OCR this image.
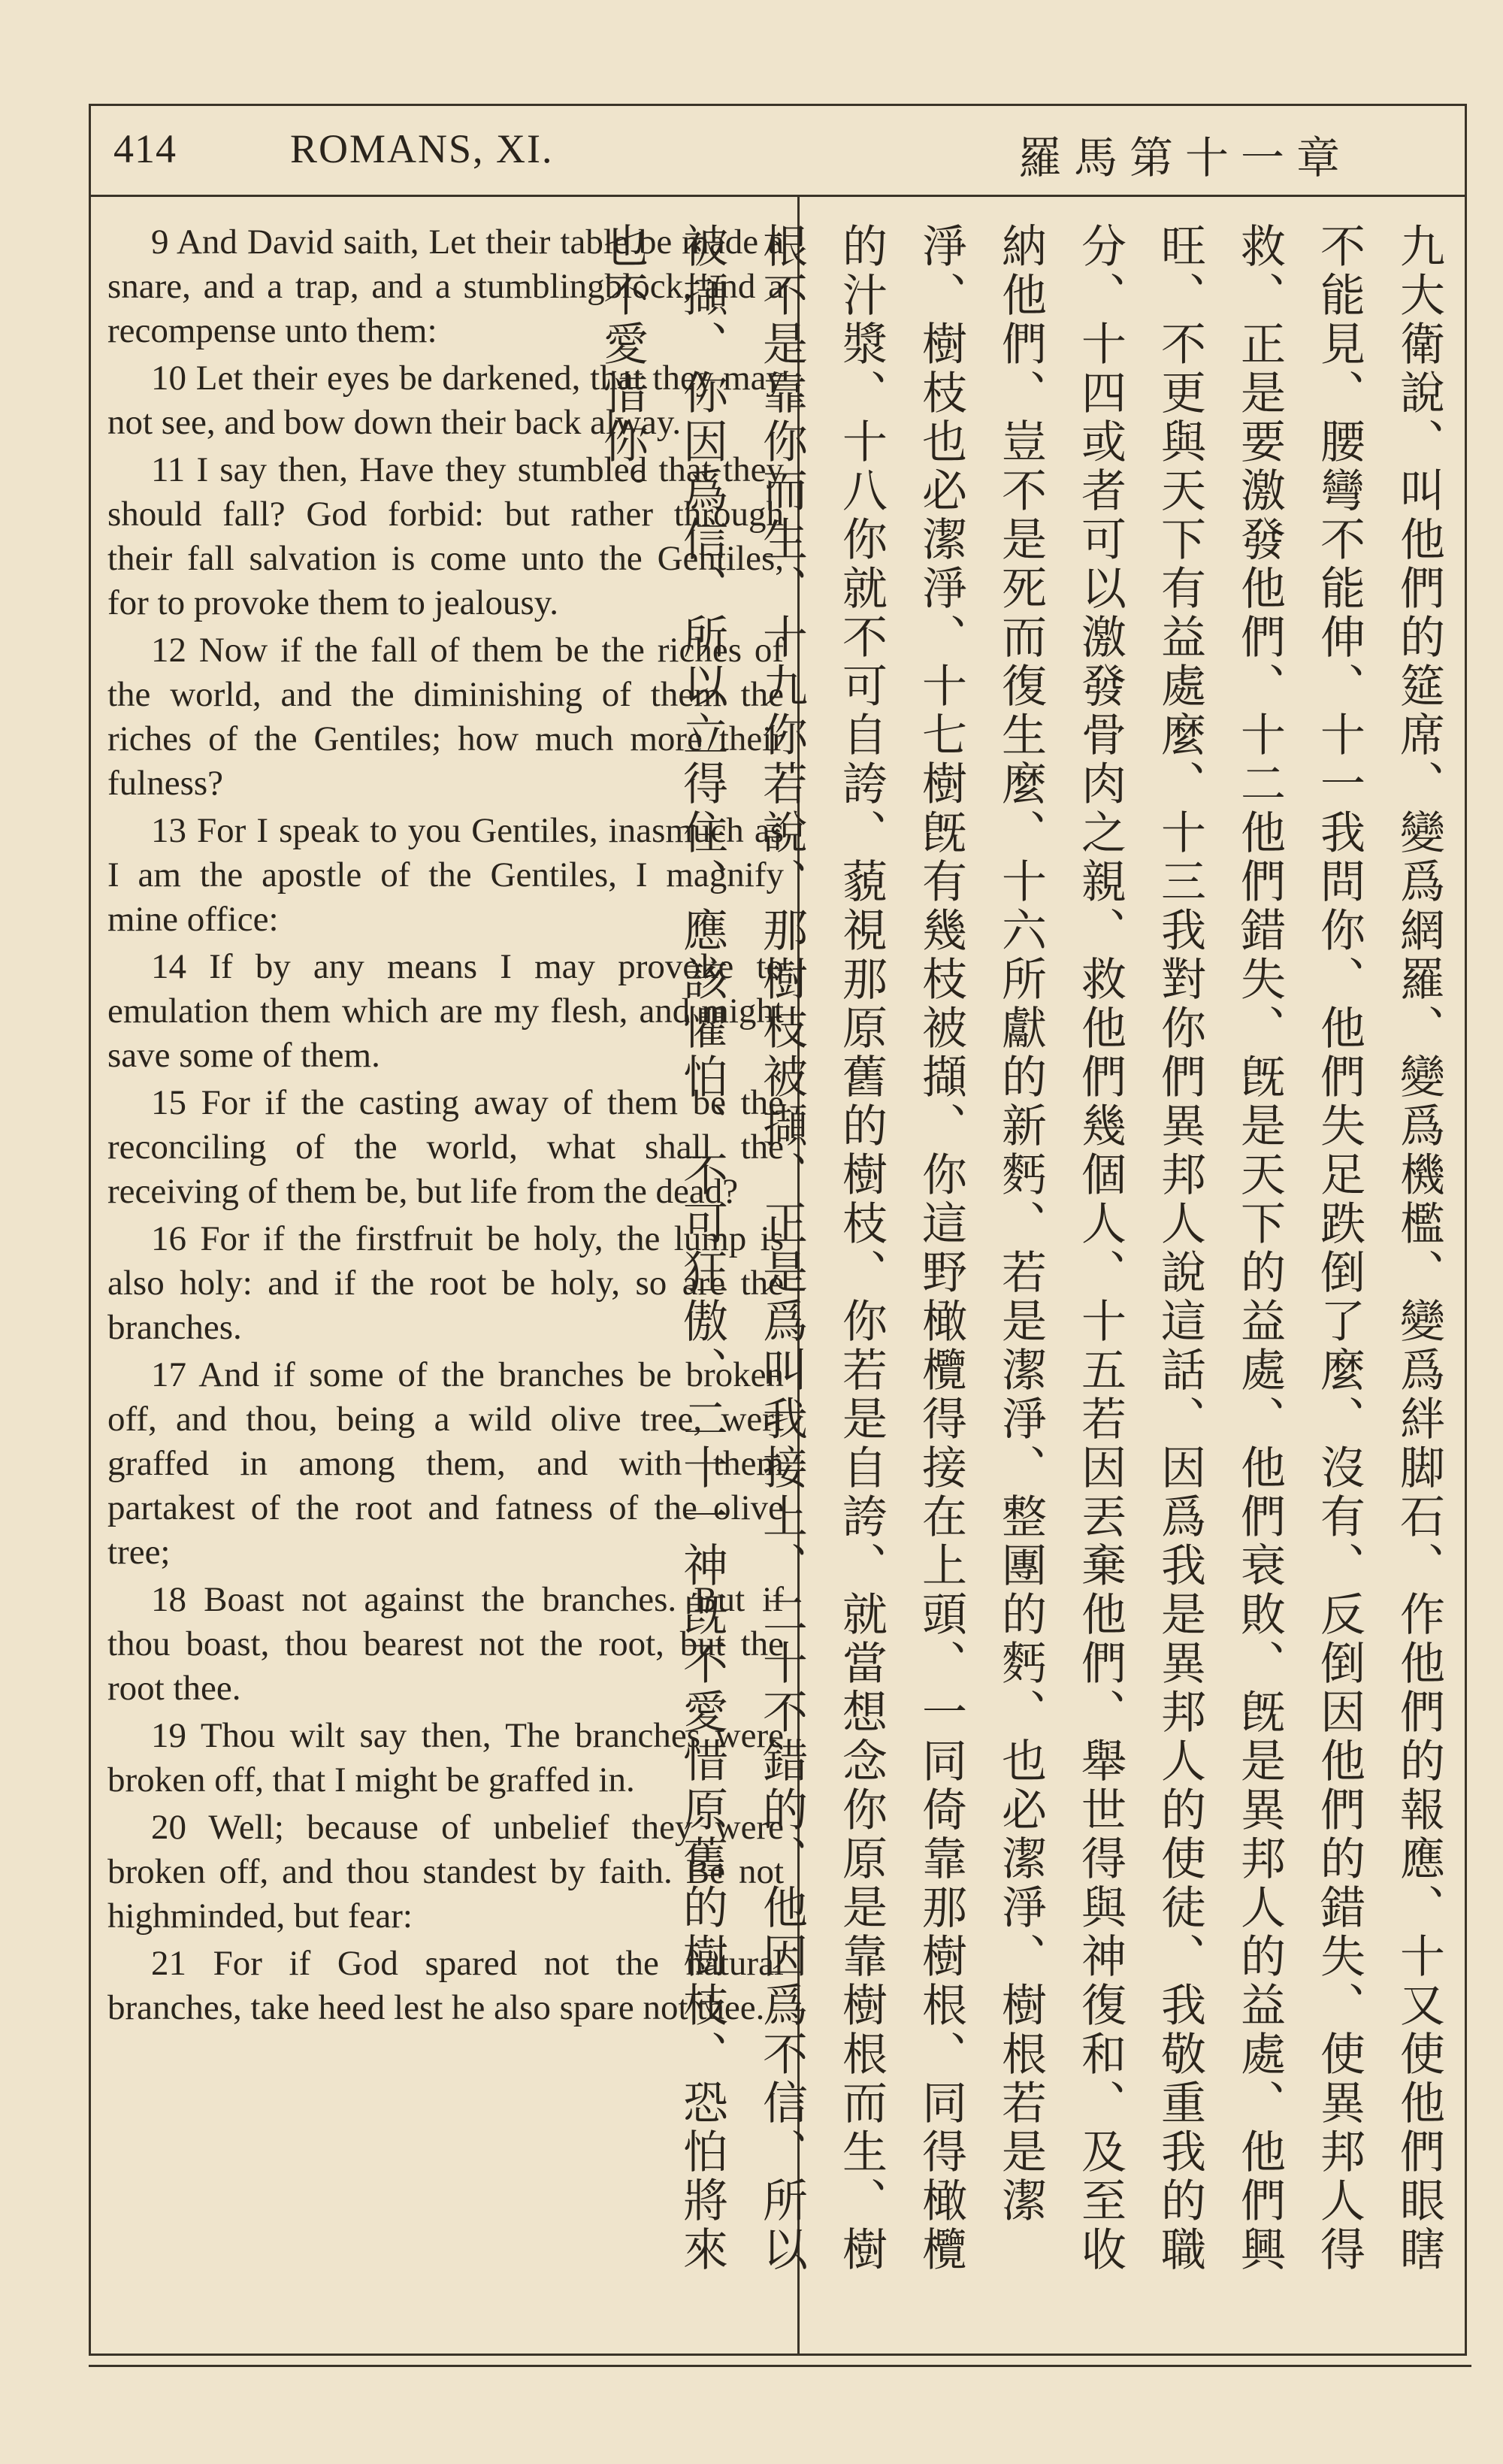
414	ROMANS, XI.	羅馬第十一章

9 And David saith, Let their table be made a snare, and a trap, and a stumblingblock, and a recompense unto them:

10 Let their eyes be darkened, that they may not see, and bow down their back alway.

11 I say then, Have they stumbled that they should fall? God forbid: but rather through their fall salvation is come unto the Gentiles, for to provoke them to jealousy.

12 Now if the fall of them be the riches of the world, and the diminishing of them the riches of the Gentiles; how much more their fulness?

13 For I speak to you Gentiles, inasmuch as I am the apostle of the Gentiles, I magnify mine office:

14 If by any means I may provoke to emulation them which are my flesh, and might save some of them.

15 For if the casting away of them be the reconciling of the world, what shall the receiving of them be, but life from the dead?

16 For if the firstfruit be holy, the lump is also holy: and if the root be holy, so are the branches.

17 And if some of the branches be broken off, and thou, being a wild olive tree, wert graffed in among them, and with them partakest of the root and fatness of the olive tree;

18 Boast not against the branches. But if thou boast, thou bearest not the root, but the root thee.

19 Thou wilt say then, The branches were broken off, that I might be graffed in.

20 Well; because of unbelief they were broken off, and thou standest by faith. Be not highminded, but fear:

21 For if God spared not the natural branches, take heed lest he also spare not thee.	九大衛說、叫他們的筵席、變爲網羅、變爲機檻、變爲絆脚石、作他們的報應、十又使他們眼瞎不能見、腰彎不能伸、十一我問你、他們失足跌倒了麼、沒有、反倒因他們的錯失、使異邦人得救、正是要激發他們、十二他們錯失、旣是天下的益處、他們衰敗、旣是異邦人的益處、他們興旺、不更與天下有益處麼、十三我對你們異邦人說這話、因爲我是異邦人的使徒、我敬重我的職分、十四或者可以激發骨肉之親、救他們幾個人、十五若因丟棄他們、舉世得與神復和、及至收納他們、豈不是死而復生麼、十六所獻的新麫、若是潔淨、整團的麫、也必潔淨、樹根若是潔淨、樹枝也必潔淨、十七樹旣有幾枝被擷、你這野橄欖得接在上頭、一同倚靠那樹根、同得橄欖的汁漿、十八你就不可自誇、藐視那原舊的樹枝、你若是自誇、就當想念你原是靠樹根而生、樹根不是靠你而生、十九你若說、那樹枝被擷、正是爲叫我接上、二十不錯的、他因爲不信、所以被擷、你因爲信、所以立得住、應該懼怕、不可狂傲、二十一神旣不愛惜原舊的樹枝、恐怕將來也不愛惜你。
